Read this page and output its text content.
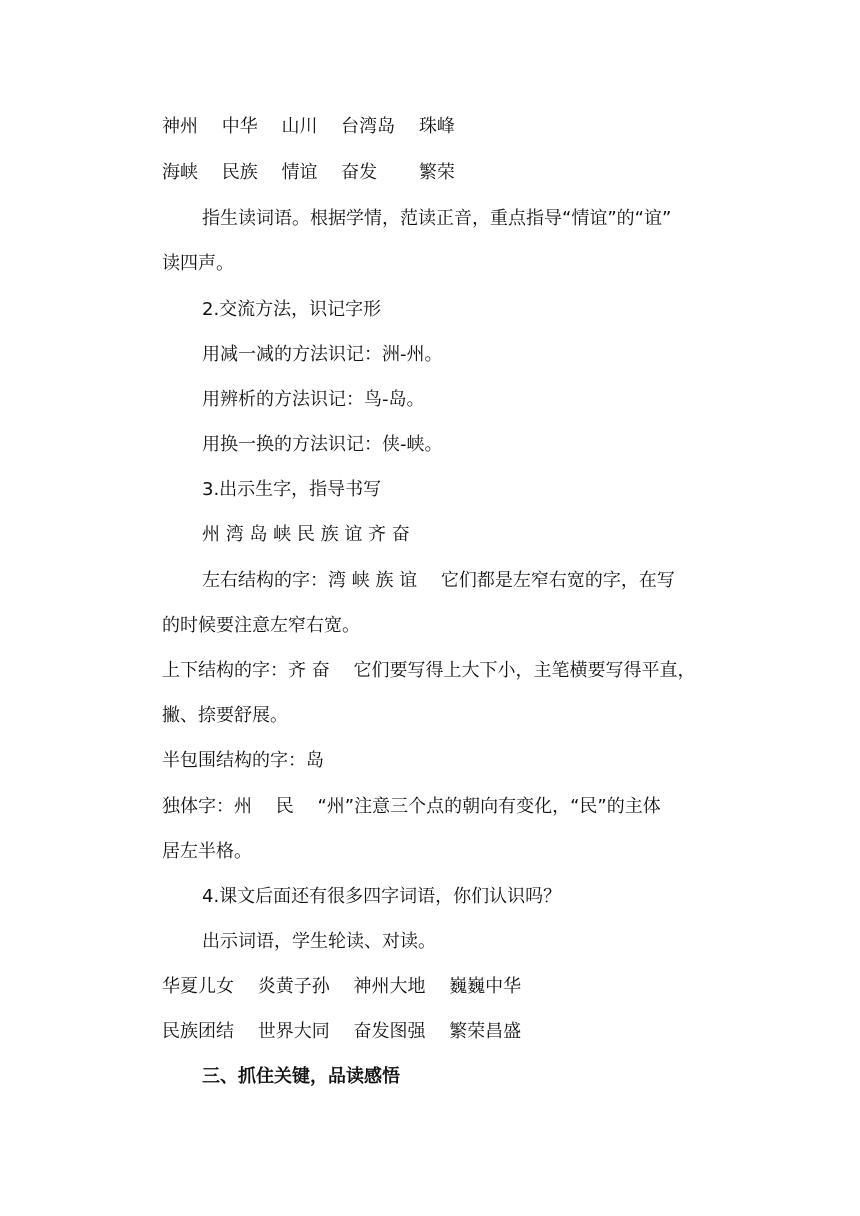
神州　 中华　 山川　 台湾岛　 珠峰
海峡　 民族　 情谊　 奋发　　 繁荣
指生读词语。根据学情，范读正音，重点指导“情谊”的“谊”
读四声。
2.交流方法，识记字形
用减一减的方法识记：洲-州。
用辨析的方法识记：鸟-岛。
用换一换的方法识记：侠-峡。
3.出示生字，指导书写
州 湾 岛 峡 民 族 谊 齐 奋
左右结构的字：湾 峡 族 谊　 它们都是左窄右宽的字，在写
的时候要注意左窄右宽。
上下结构的字：齐 奋　 它们要写得上大下小，主笔横要写得平直，
撇、捺要舒展。
半包围结构的字：岛
独体字：州　 民　 “州”注意三个点的朝向有变化，“民”的主体
居左半格。
4.课文后面还有很多四字词语，你们认识吗？
出示词语，学生轮读、对读。
华夏儿女　 炎黄子孙　 神州大地　 巍巍中华
民族团结　 世界大同　 奋发图强　 繁荣昌盛
三、抓住关键，品读感悟
